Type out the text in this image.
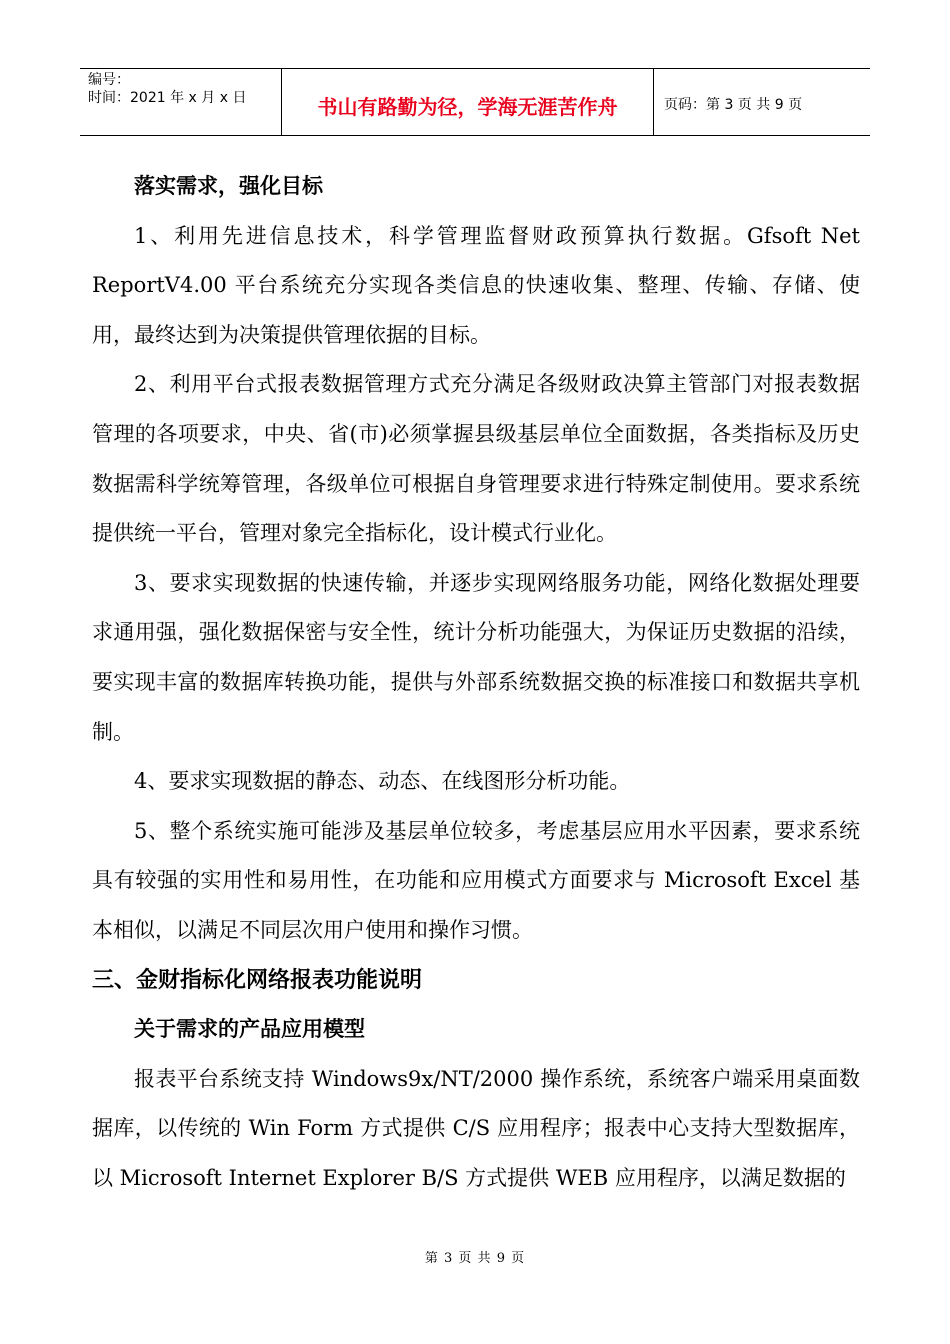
编号：
时间：2021 年 x 月 x 日	书山有路勤为径，学海无涯苦作舟	页码：第 3 页 共 9 页

落实需求，强化目标

1、利用先进信息技术，科学管理监督财政预算执行数据。Gfsoft Net ReportV4.00 平台系统充分实现各类信息的快速收集、整理、传输、存储、使用，最终达到为决策提供管理依据的目标。

2、利用平台式报表数据管理方式充分满足各级财政决算主管部门对报表数据管理的各项要求，中央、省(市)必须掌握县级基层单位全面数据，各类指标及历史数据需科学统筹管理，各级单位可根据自身管理要求进行特殊定制使用。要求系统提供统一平台，管理对象完全指标化，设计模式行业化。

3、要求实现数据的快速传输，并逐步实现网络服务功能，网络化数据处理要求通用强，强化数据保密与安全性，统计分析功能强大，为保证历史数据的沿续，要实现丰富的数据库转换功能，提供与外部系统数据交换的标准接口和数据共享机制。

4、要求实现数据的静态、动态、在线图形分析功能。

5、整个系统实施可能涉及基层单位较多，考虑基层应用水平因素，要求系统具有较强的实用性和易用性，在功能和应用模式方面要求与 Microsoft Excel 基本相似，以满足不同层次用户使用和操作习惯。

三、金财指标化网络报表功能说明

关于需求的产品应用模型

报表平台系统支持 Windows9x/NT/2000 操作系统，系统客户端采用桌面数据库，以传统的 Win Form 方式提供 C/S 应用程序；报表中心支持大型数据库，以 Microsoft Internet Explorer B/S 方式提供 WEB 应用程序，以满足数据的

第 3 页 共 9 页
